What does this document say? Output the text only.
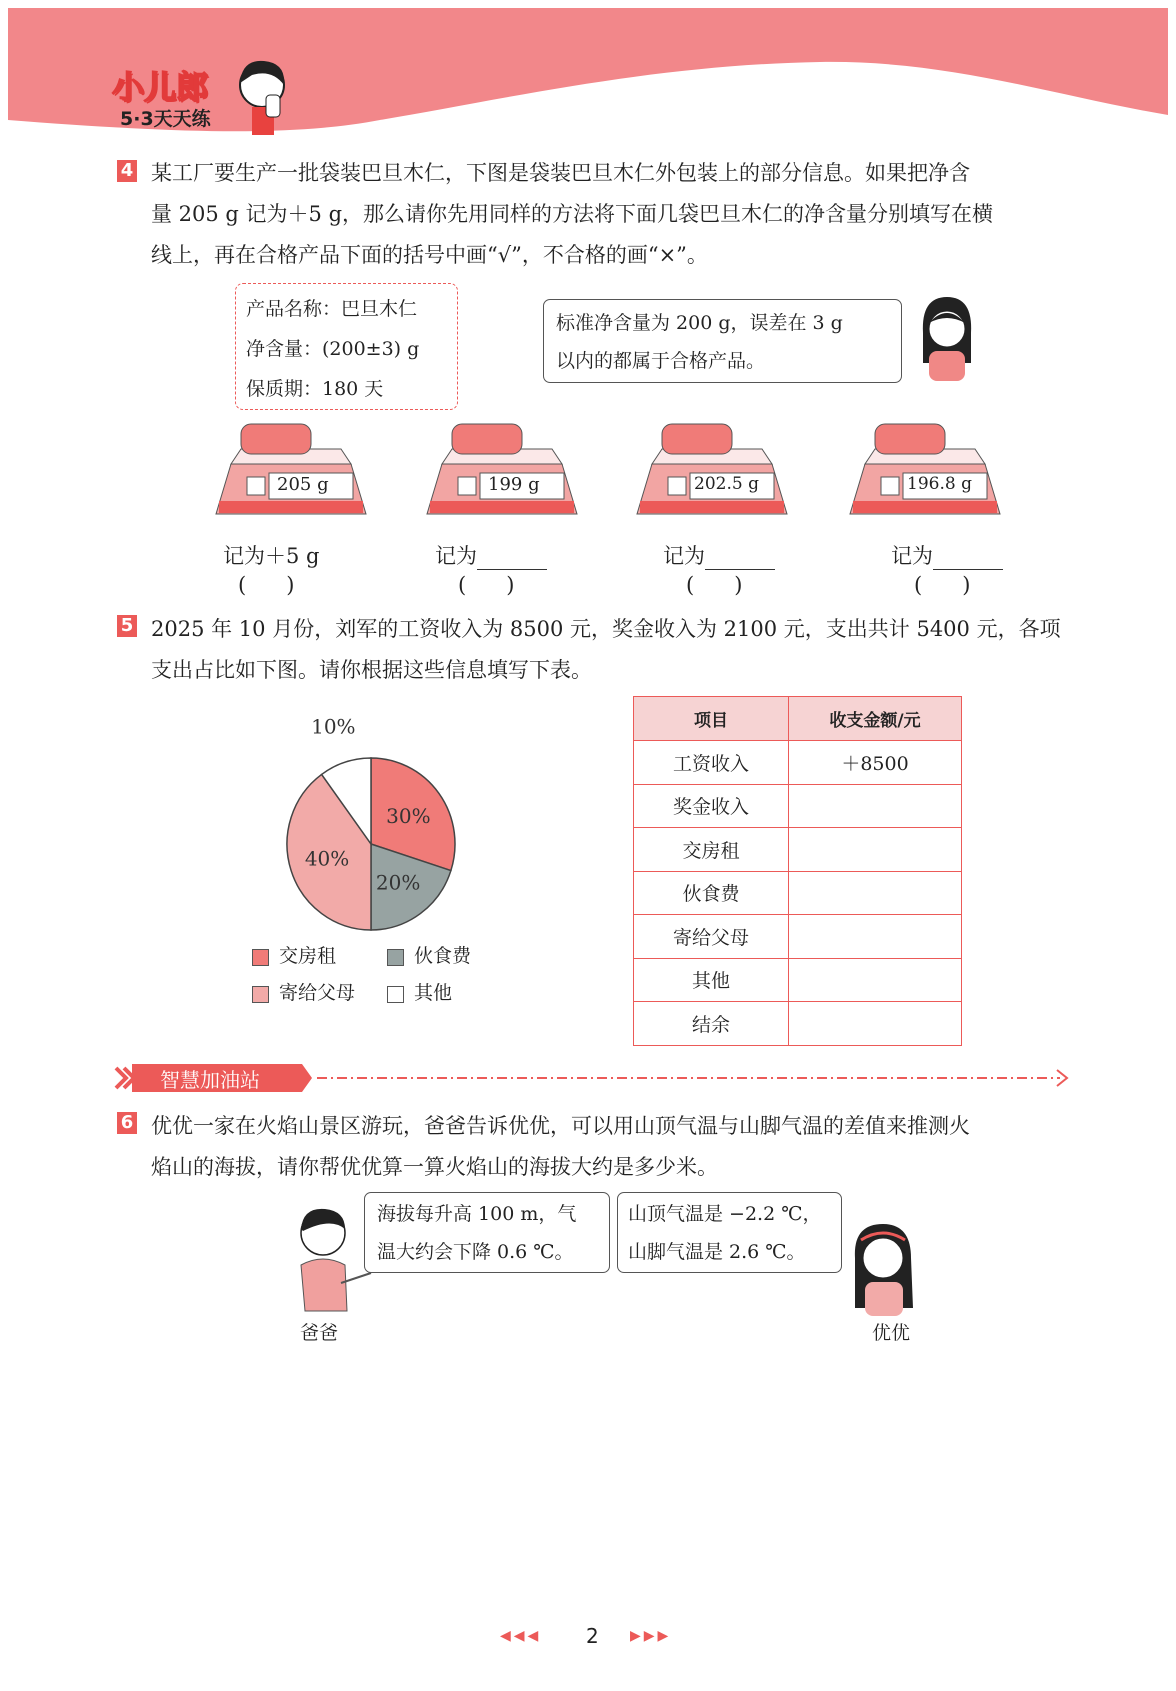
小儿郎
5·3天天练
4 某工厂要生产一批袋装巴旦木仁，下图是袋装巴旦木仁外包装上的部分信息。如果把净含
量 205 g 记为＋5 g，那么请你先用同样的方法将下面几袋巴旦木仁的净含量分别填写在横
线上，再在合格产品下面的括号中画“√”，不合格的画“×”。
产品名称：巴旦木仁
净含量：(200±3) g
保质期：180 天
标准净含量为 200 g，误差在 3 g
以内的都属于合格产品。
205 g	199 g	202.5 g	196.8 g
记为＋5 g	记为	记为	记为
(      )	(      )	(      )	(      )
5 2025 年 10 月份，刘军的工资收入为 8500 元，奖金收入为 2100 元，支出共计 5400 元，各项
支出占比如下图。请你根据这些信息填写下表。
30%
20%
40%
10%
交房租	伙食费
寄给父母	其他
项目	收支金额/元
工资收入	＋8500
奖金收入	
交房租	
伙食费	
寄给父母	
其他	
结余	
智慧加油站
6 优优一家在火焰山景区游玩，爸爸告诉优优，可以用山顶气温与山脚气温的差值来推测火
焰山的海拔，请你帮优优算一算火焰山的海拔大约是多少米。
海拔每升高 100 m，气
温大约会下降 0.6 ℃。
山顶气温是 −2.2 ℃，
山脚气温是 2.6 ℃。
爸爸	优优
◀◀◀ 2 ▶▶▶
